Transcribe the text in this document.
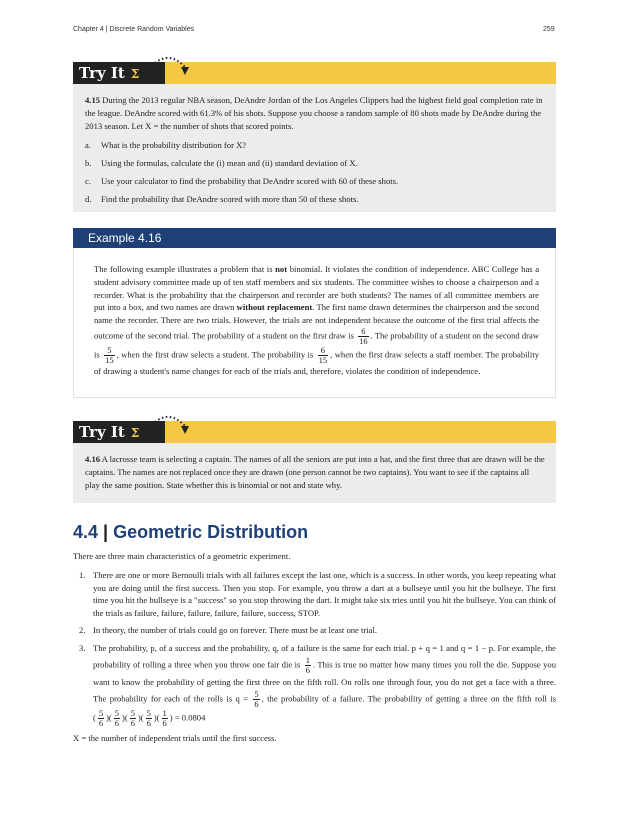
Chapter 4 | Discrete Random Variables	259
Try It Σ

4.15 During the 2013 regular NBA season, DeAndre Jordan of the Los Angeles Clippers had the highest field goal completion rate in the league. DeAndre scored with 61.3% of his shots. Suppose you choose a random sample of 80 shots made by DeAndre during the 2013 season. Let X = the number of shots that scored points.

a. What is the probability distribution for X?
b. Using the formulas, calculate the (i) mean and (ii) standard deviation of X.
c. Use your calculator to find the probability that DeAndre scored with 60 of these shots.
d. Find the probability that DeAndre scored with more than 50 of these shots.
Example 4.16
The following example illustrates a problem that is not binomial. It violates the condition of independence. ABC College has a student advisory committee made up of ten staff members and six students. The committee wishes to choose a chairperson and a recorder. What is the probability that the chairperson and recorder are both students? The names of all committee members are put into a box, and two names are drawn without replacement. The first name drawn determines the chairperson and the second name the recorder. There are two trials. However, the trials are not independent because the outcome of the first trial affects the outcome of the second trial. The probability of a student on the first draw is $\frac{6}{16}$ . The probability of a student on the second draw is $\frac{5}{15}$ , when the first draw selects a student. The probability is $\frac{6}{15}$ , when the first draw selects a staff member. The probability of drawing a student's name changes for each of the trials and, therefore, violates the condition of independence.
Try It Σ

4.16 A lacrosse team is selecting a captain. The names of all the seniors are put into a hat, and the first three that are drawn will be the captains. The names are not replaced once they are drawn (one person cannot be two captains). You want to see if the captains all play the same position. State whether this is binomial or not and state why.

4.4 | Geometric Distribution
There are three main characteristics of a geometric experiment.
1. There are one or more Bernoulli trials with all failures except the last one, which is a success. In other words, you keep repeating what you are doing until the first success. Then you stop. For example, you throw a dart at a bullseye until you hit the bullseye. The first time you hit the bullseye is a "success" so you stop throwing the dart. It might take six tries until you hit the bullseye. You can think of the trials as failure, failure, failure, failure, failure, success, STOP.
2. In theory, the number of trials could go on forever. There must be at least one trial.
3. The probability, p, of a success and the probability, q, of a failure is the same for each trial. p + q = 1 and q = 1 − p. For example, the probability of rolling a three when you throw one fair die is $\frac{1}{6}$ . This is true no matter how many times you roll the die. Suppose you want to know the probability of getting the first three on the fifth roll. On rolls one through four, you do not get a face with a three. The probability for each of the rolls is $q = \frac{5}{6}$ , the probability of a failure. The probability of getting a three on the fifth roll is ( $\frac{5}{6}$ )( $\frac{5}{6}$ )( $\frac{5}{6}$ )( $\frac{5}{6}$ )( $\frac{1}{6}$ ) = 0.0804
X = the number of independent trials until the first success.
